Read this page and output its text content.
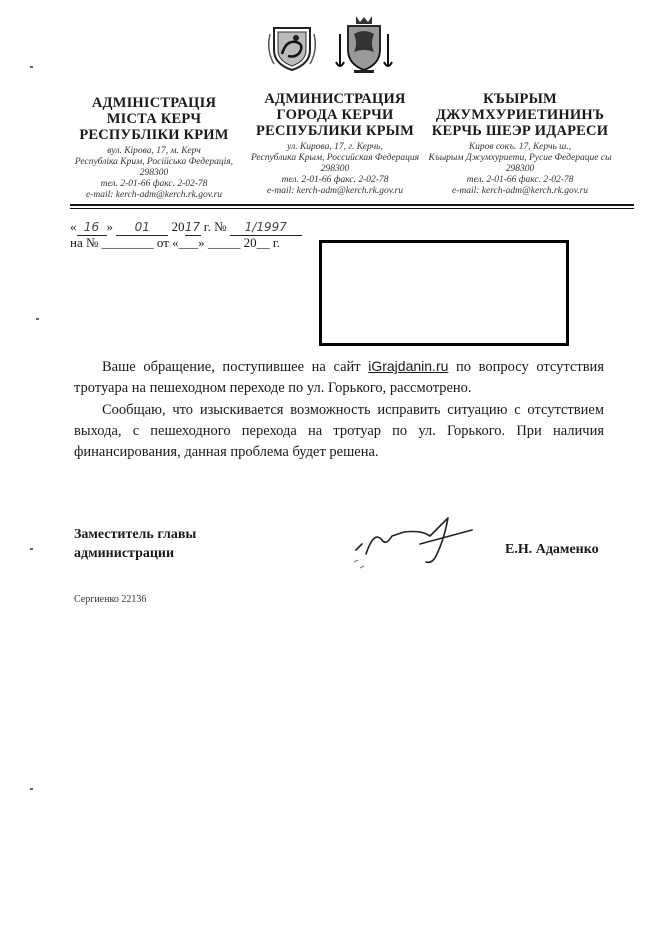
АДМІНІСТРАЦІЯ
МІСТА КЕРЧ
РЕСПУБЛІКИ КРИМ
вул. Кірова, 17, м. Керч
Республіка Крим, Російська Федерація,
298300
тел. 2-01-66 факс. 2-02-78
e-mail: kerch-adm@kerch.rk.gov.ru
АДМИНИСТРАЦИЯ
ГОРОДА КЕРЧИ
РЕСПУБЛИКИ КРЫМ
ул. Кирова, 17, г. Керчь,
Республика Крым, Российская Федерация
298300
тел. 2-01-66 факс. 2-02-78
e-mail: kerch-adm@kerch.rk.gov.ru
КЪЫРЫМ
ДЖУМХУРИЕТИНИНЪ
КЕРЧЬ ШЕЭР ИДАРЕСИ
Киров сокъ. 17, Керчь ш.,
Къырым Джумхуриети, Русие Федерацие сы
298300
тел. 2-01-66 факс. 2-02-78
e-mail: kerch-adm@kerch.rk.gov.ru
« 16 » 01 2017 г. № 1/1997
на № ________ от «___» _____ 20__ г.
Ваше обращение, поступившее на сайт iGrajdanin.ru по вопросу отсутствия тротуара на пешеходном переходе по ул. Горького, рассмотрено.
Сообщаю, что изыскивается возможность исправить ситуацию с отсутствием выхода, с пешеходного перехода на тротуар по ул. Горького. При наличия финансирования, данная проблема будет решена.
Заместитель главы
администрации	Е.Н. Адаменко
Сергиенко 22136
